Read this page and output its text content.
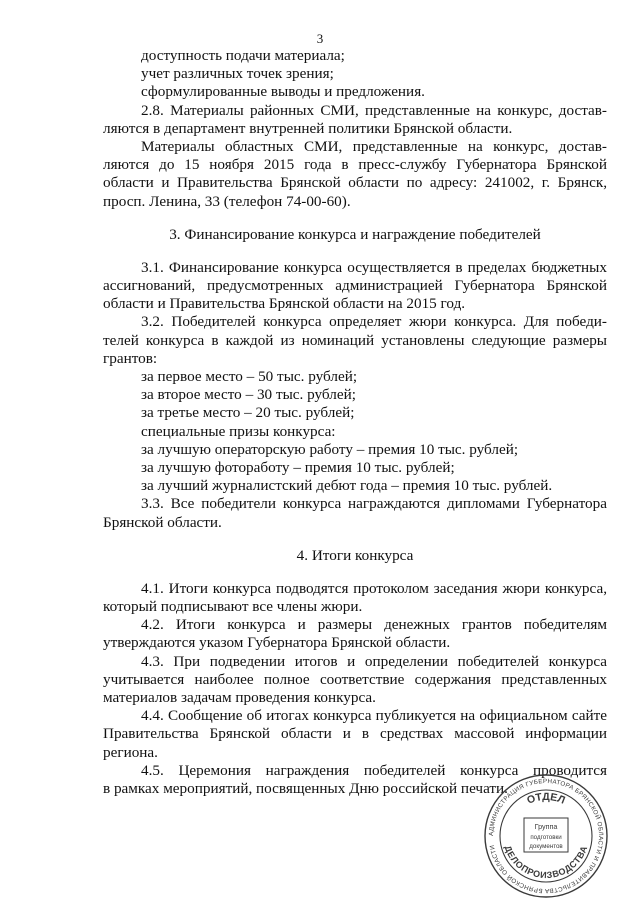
3
доступность подачи материала;
учет различных точек зрения;
сформулированные выводы и предложения.
2.8. Материалы районных СМИ, представленные на конкурс, достав-
ляются в департамент внутренней политики Брянской области.
Материалы областных СМИ, представленные на конкурс, достав-
ляются до 15 ноября 2015 года в пресс-службу Губернатора Брянской
области и Правительства Брянской области по адресу: 241002, г. Брянск,
просп. Ленина, 33 (телефон 74-00-60).
3. Финансирование конкурса и награждение победителей
3.1. Финансирование конкурса осуществляется в пределах бюджетных
ассигнований, предусмотренных администрацией Губернатора Брянской
области и Правительства Брянской области на 2015 год.
3.2. Победителей конкурса определяет жюри конкурса. Для победи-
телей конкурса в каждой из номинаций установлены следующие размеры
грантов:
за первое место – 50 тыс. рублей;
за второе место – 30 тыс. рублей;
за третье место – 20 тыс. рублей;
специальные призы конкурса:
за лучшую операторскую работу – премия 10 тыс. рублей;
за лучшую фотоработу – премия 10 тыс. рублей;
за лучший журналистский дебют года – премия 10 тыс. рублей.
3.3. Все победители конкурса награждаются дипломами Губернатора
Брянской области.
4. Итоги конкурса
4.1. Итоги конкурса подводятся протоколом заседания жюри конкурса,
который подписывают все члены жюри.
4.2. Итоги конкурса и размеры денежных грантов победителям
утверждаются указом Губернатора Брянской области.
4.3. При подведении итогов и определении победителей конкурса
учитывается наиболее полное соответствие содержания представленных
материалов задачам проведения конкурса.
4.4. Сообщение об итогах конкурса публикуется на официальном сайте
Правительства Брянской области и в средствах массовой информации
региона.
4.5. Церемония награждения победителей конкурса проводится
в рамках мероприятий, посвященных Дню российской печати.
АДМИНИСТРАЦИЯ ГУБЕРНАТОРА БРЯНСКОЙ ОБЛАСТИ И ПРАВИТЕЛЬСТВА БРЯНСКОЙ ОБЛАСТИ
ОТДЕЛ
ДЕЛОПРОИЗВОДСТВА
Группа
подготовки
документов
